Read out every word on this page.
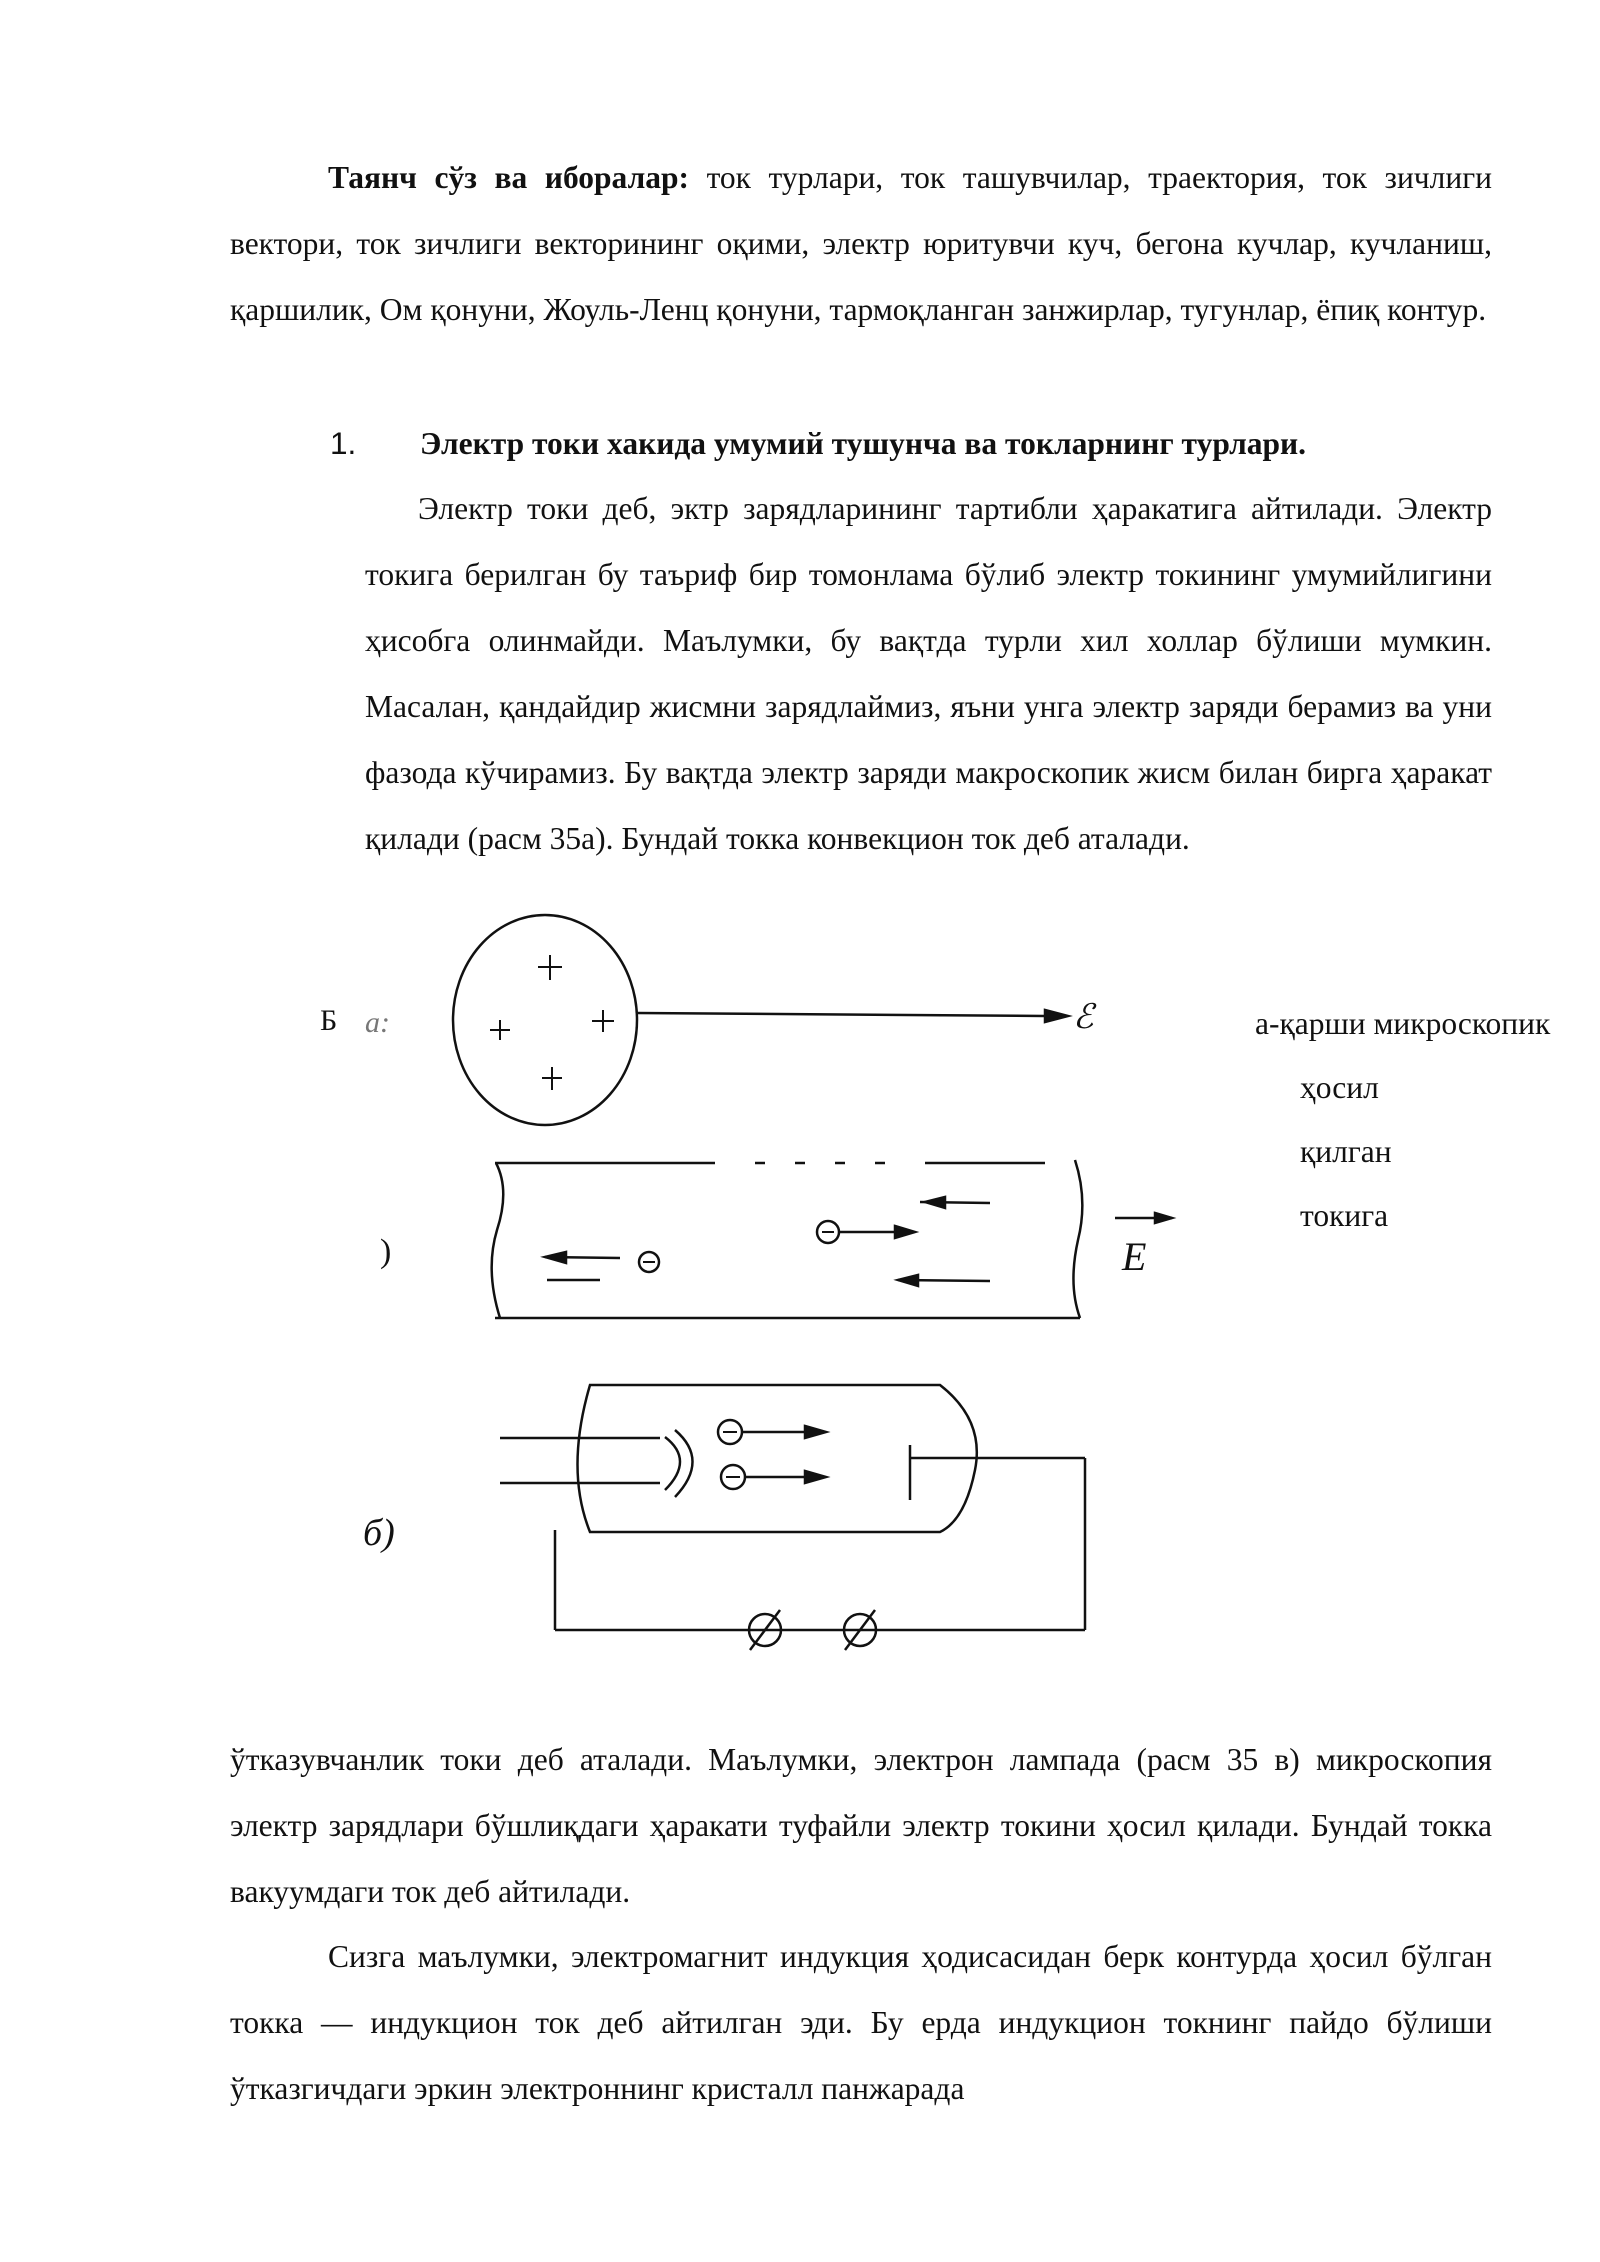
Таянч сўз ва иборалар: ток турлари, ток ташувчилар, траектория, ток зичлиги вектори, ток зичлиги векторининг оқими, электр юритувчи куч, бегона кучлар, кучланиш, қаршилик, Ом қонуни, Жоуль-Ленц қонуни, тармоқланган занжирлар, тугунлар, ёпиқ контур.

1. Электр токи хакида умумий тушунча ва токларнинг турлари.

Электр токи деб, эктр зарядларининг тартибли ҳаракатига айтилади. Электр токига берилган бу таъриф бир томонлама бўлиб электр токининг умумийлигини ҳисобга олинмайди. Маълумки, бу вақтда турли хил холлар бўлиши мумкин. Масалан, қандайдир жисмни зарядлаймиз, яъни унга электр заряди берамиз ва уни фазода кўчирамиз. Бу вақтда электр заряди макроскопик жисм билан бирга ҳаракат қилади (расм 35а). Бундай токка конвекцион ток деб аталади.

Б а:	ℰ
)	E
б)
а-қарши микроскопик
ҳосил
қилган
токига

ўтказувчанлик токи деб аталади. Маълумки, электрон лампада (расм 35 в) микроскопия электр зарядлари бўшлиқдаги ҳаракати туфайли электр токини ҳосил қилади. Бундай токка вакуумдаги ток деб айтилади.

Сизга маълумки, электромагнит индукция ҳодисасидан берк контурда ҳосил бўлган токка — индукцион ток деб айтилган эди. Бу ерда индукцион токнинг пайдо бўлиши ўтказгичдаги эркин электроннинг кристалл панжарада
